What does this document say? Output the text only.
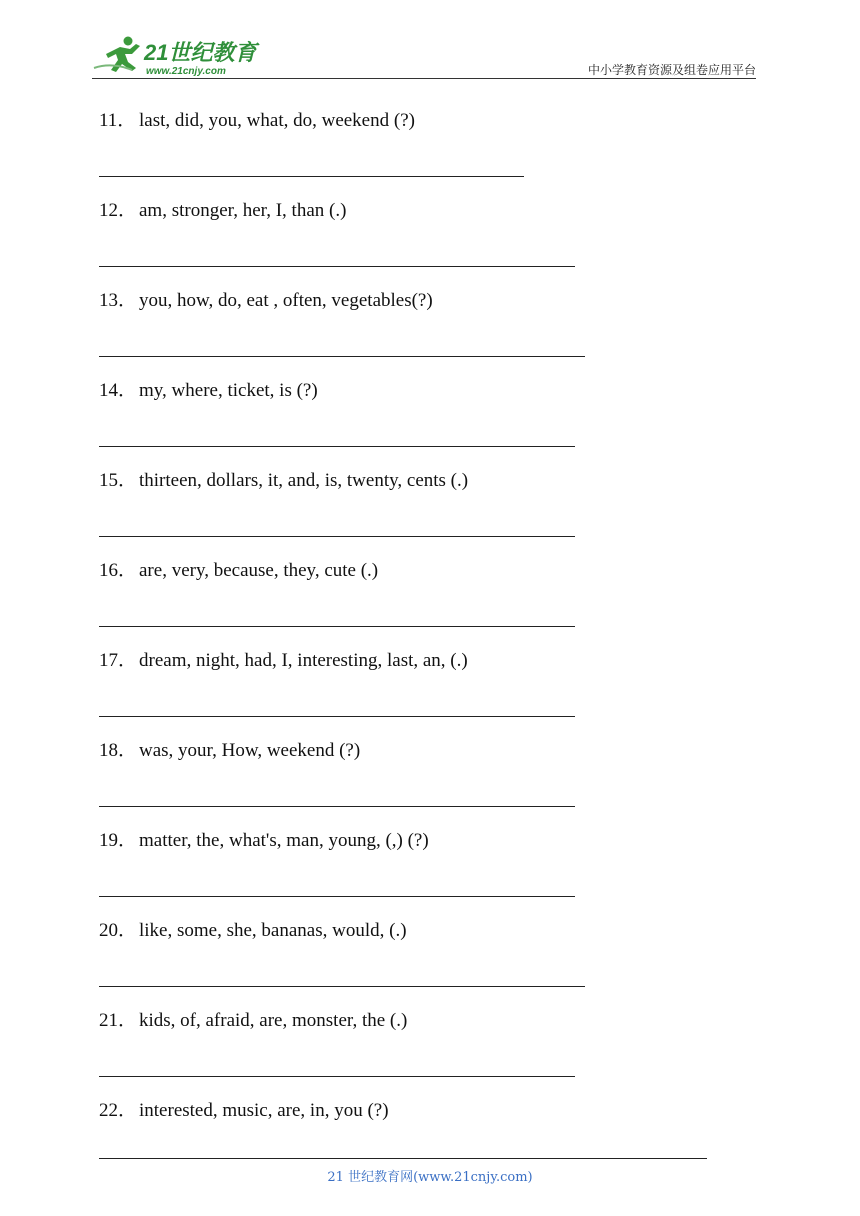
21世纪教育
www.21cnjy.com	中小学教育资源及组卷应用平台
11． last, did, you, what, do, weekend (?)
12． am, stronger, her, I, than (.)
13． you, how, do, eat , often, vegetables(?)
14． my, where, ticket, is (?)
15． thirteen, dollars, it, and, is, twenty, cents (.)
16． are, very, because, they, cute (.)
17． dream, night, had, I, interesting, last, an, (.)
18． was, your, How, weekend (?)
19． matter, the, what's, man, young, (,) (?)
20． like, some, she, bananas, would, (.)
21． kids, of, afraid, are, monster, the (.)
22． interested, music, are, in, you (?)
21 世纪教育网(www.21cnjy.com)
